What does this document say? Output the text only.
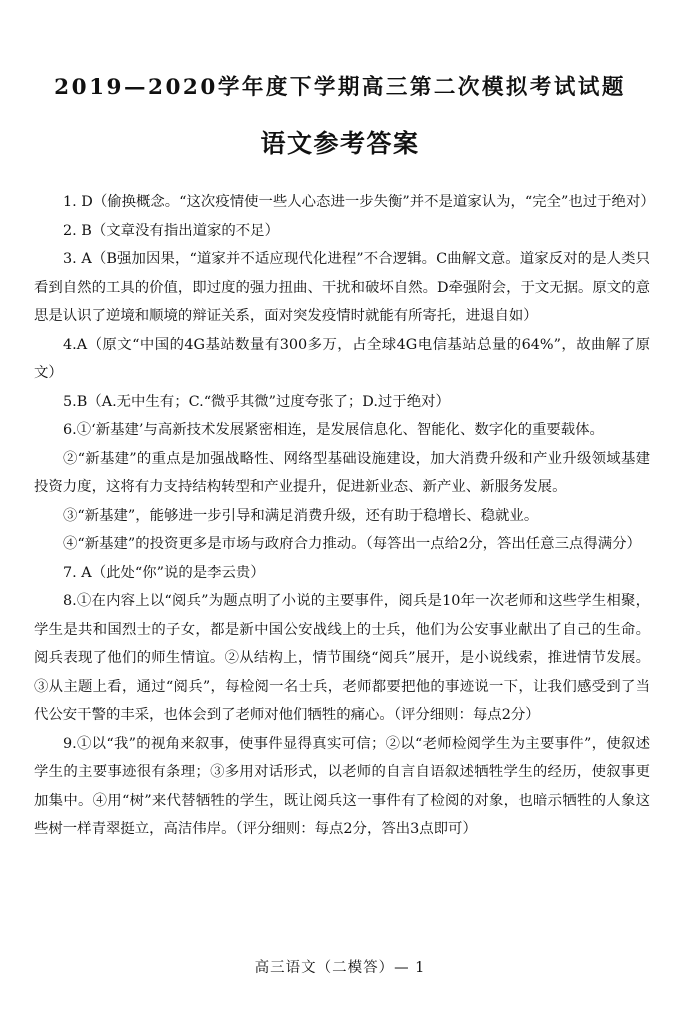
2019—2020学年度下学期高三第二次模拟考试试题
语文参考答案

1. D（偷换概念。“这次疫情使一些人心态进一步失衡”并不是道家认为，“完全”也过于绝对）

2. B（文章没有指出道家的不足）

3. A（B强加因果，“道家并不适应现代化进程”不合逻辑。C曲解文意。道家反对的是人类只看到自然的工具的价值，即过度的强力扭曲、干扰和破坏自然。D牵强附会，于文无据。原文的意思是认识了逆境和顺境的辩证关系，面对突发疫情时就能有所寄托，进退自如）

4.A（原文“中国的4G基站数量有300多万，占全球4G电信基站总量的64%”，故曲解了原文）

5.B（A.无中生有；C.“微乎其微”过度夸张了；D.过于绝对）

6.①‘新基建’与高新技术发展紧密相连，是发展信息化、智能化、数字化的重要载体。

②“新基建”的重点是加强战略性、网络型基础设施建设，加大消费升级和产业升级领域基建投资力度，这将有力支持结构转型和产业提升，促进新业态、新产业、新服务发展。

③“新基建”，能够进一步引导和满足消费升级，还有助于稳增长、稳就业。

④“新基建”的投资更多是市场与政府合力推动。（每答出一点给2分，答出任意三点得满分）

7. A（此处“你”说的是李云贵）

8.①在内容上以“阅兵”为题点明了小说的主要事件，阅兵是10年一次老师和这些学生相聚，学生是共和国烈士的子女，都是新中国公安战线上的士兵，他们为公安事业献出了自己的生命。阅兵表现了他们的师生情谊。②从结构上，情节围绕“阅兵”展开，是小说线索，推进情节发展。③从主题上看，通过“阅兵”，每检阅一名士兵，老师都要把他的事迹说一下，让我们感受到了当代公安干警的丰采，也体会到了老师对他们牺牲的痛心。（评分细则：每点2分）

9.①以“我”的视角来叙事，使事件显得真实可信；②以“老师检阅学生为主要事件”，使叙述学生的主要事迹很有条理；③多用对话形式，以老师的自言自语叙述牺牲学生的经历，使叙事更加集中。④用“树”来代替牺牲的学生，既让阅兵这一事件有了检阅的对象，也暗示牺牲的人象这些树一样青翠挺立，高洁伟岸。（评分细则：每点2分，答出3点即可）

高三语文（二模答）— 1
